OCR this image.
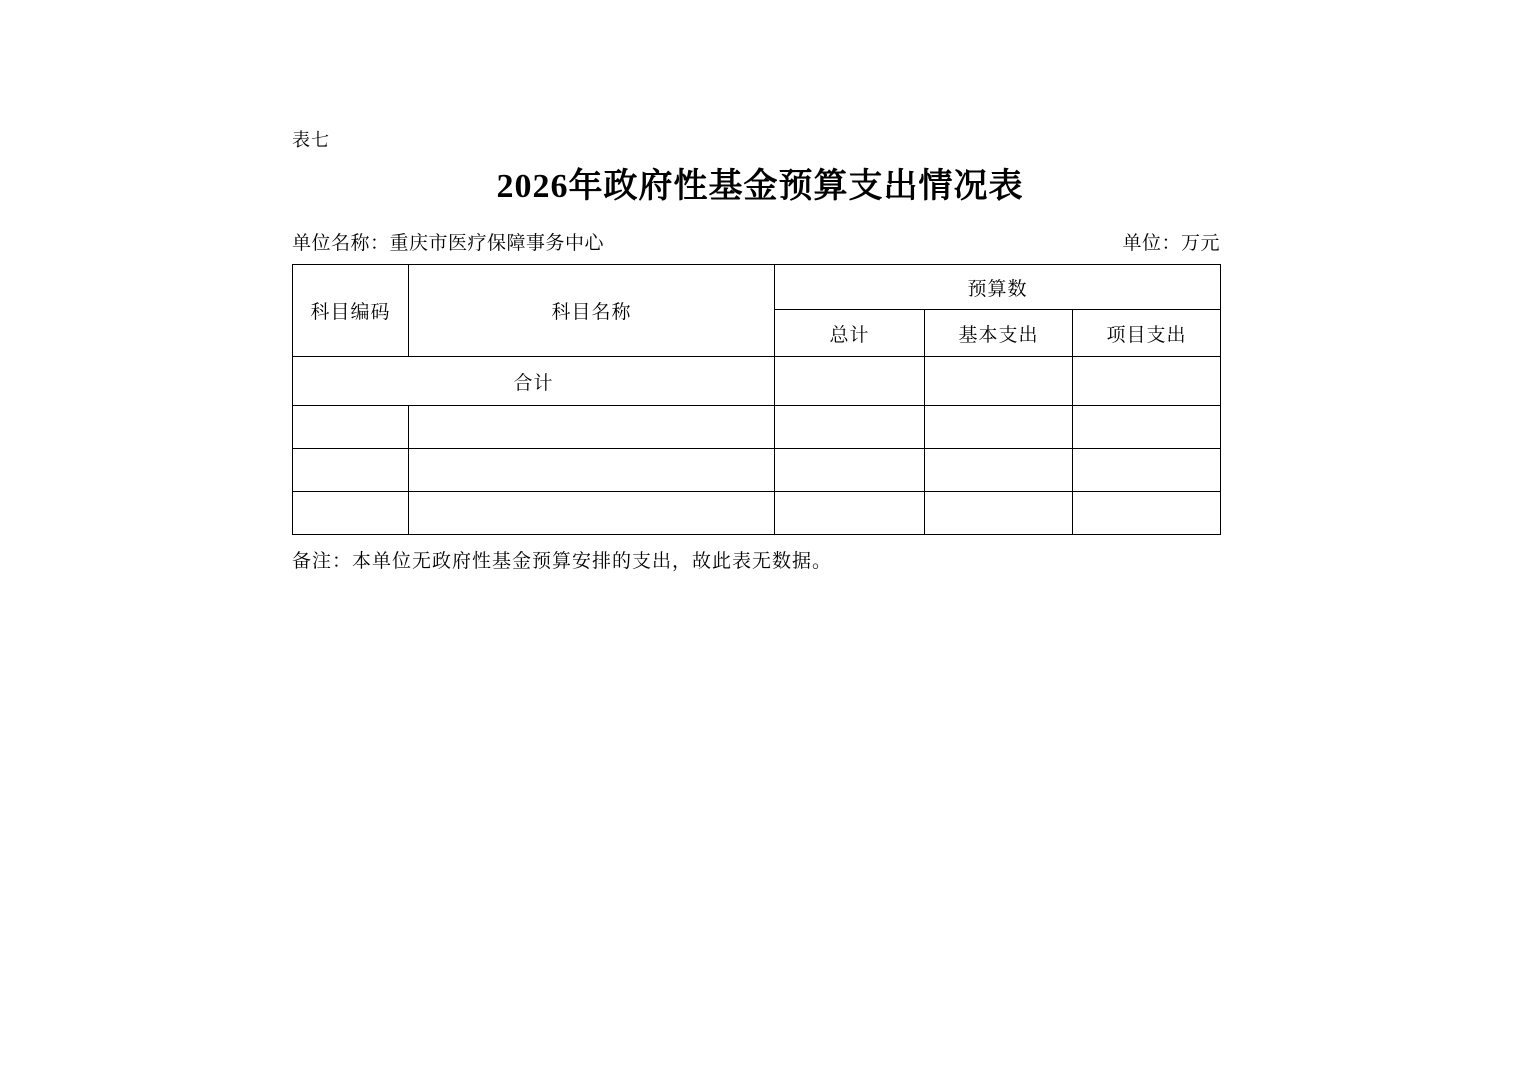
表七
2026年政府性基金预算支出情况表
单位名称： 重庆市医疗保障事务中心	单位：万元
科目编码	科目名称	预算数		
		总计	基本支出	项目支出
合计				

备注：本单位无政府性基金预算安排的支出，故此表无数据。
